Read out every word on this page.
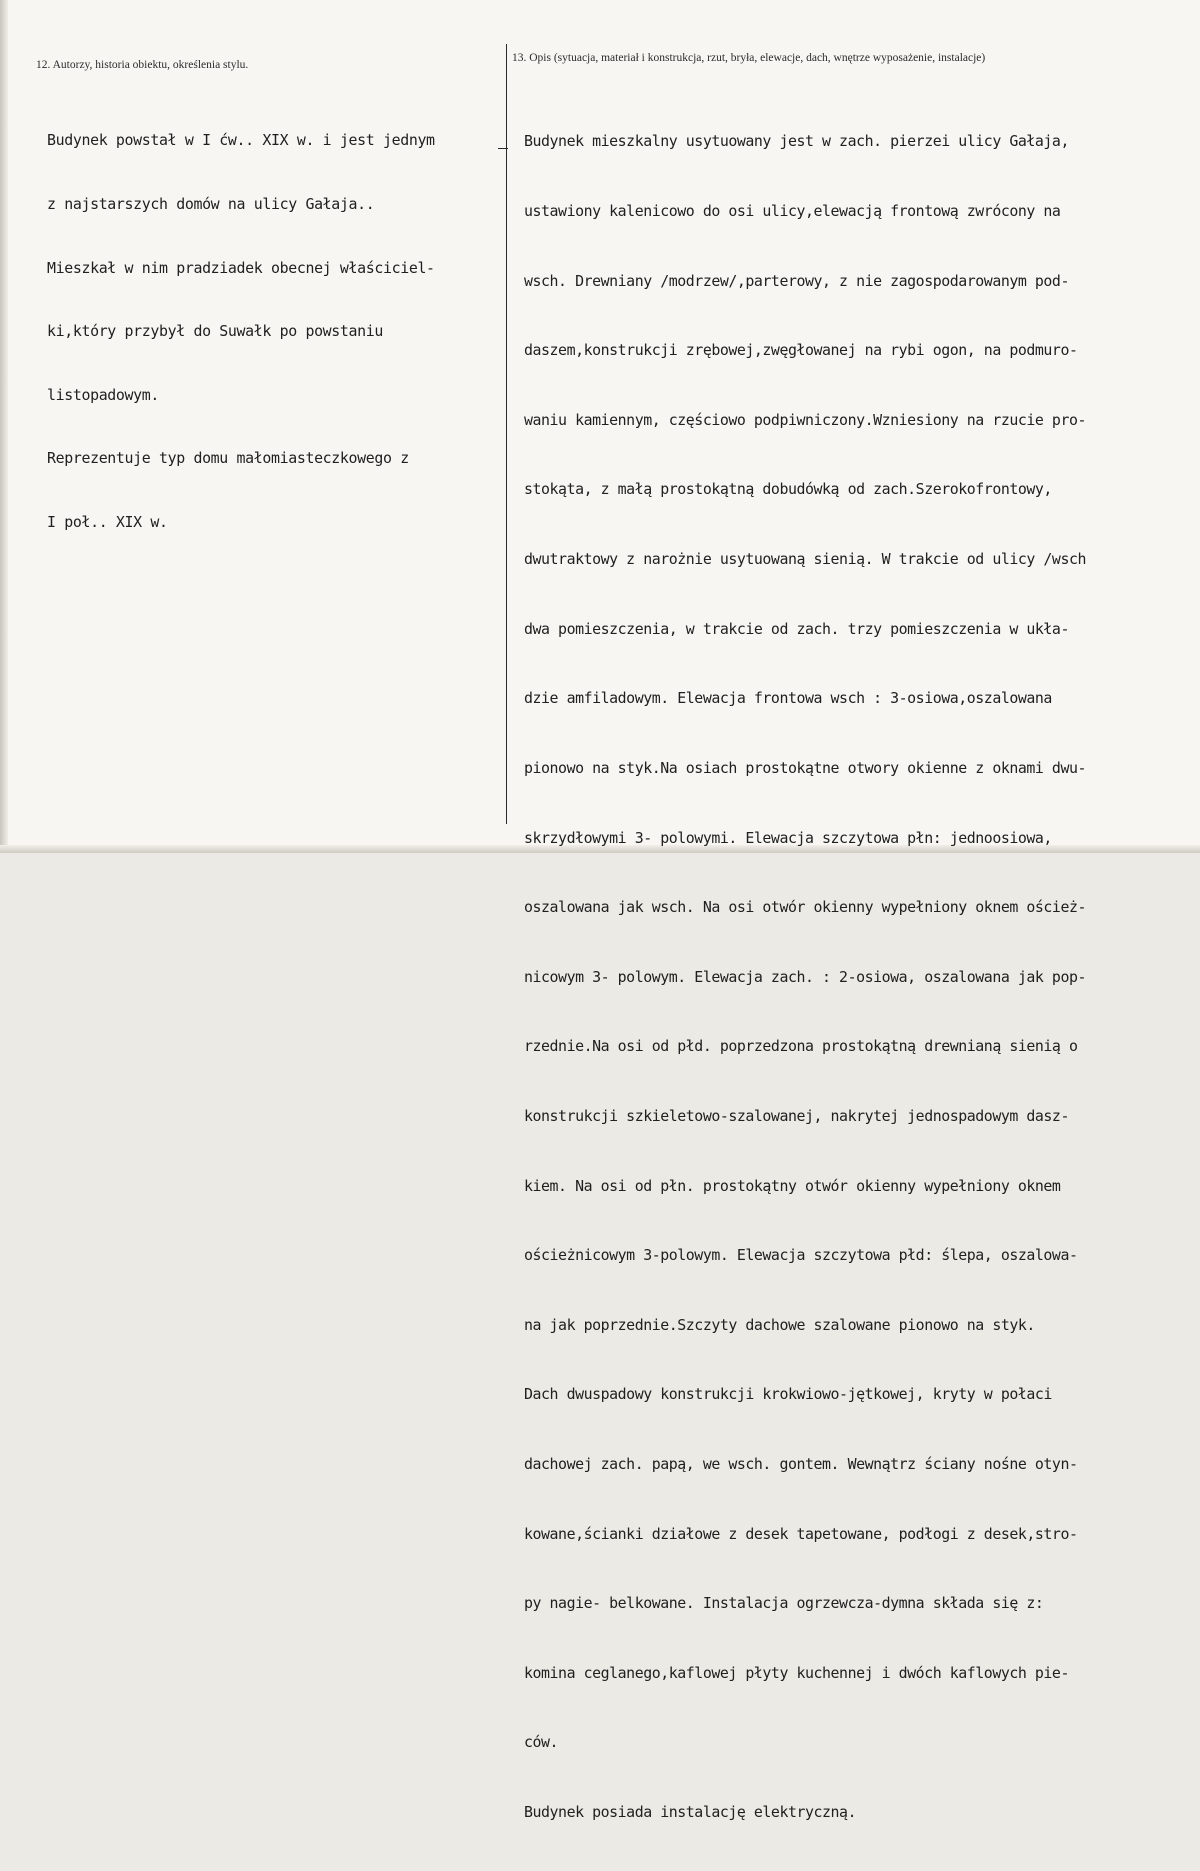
12. Autorzy, historia obiektu, określenia stylu.
13. Opis (sytuacja, materiał i konstrukcja, rzut, bryła, elewacje, dach, wnętrze wyposażenie, instalacje)

Budynek powstał w I ćw.. XIX w. i jest jednym

z najstarszych domów na ulicy Gałaja..

Mieszkał w nim pradziadek obecnej właściciel-

ki,który przybył do Suwałk po powstaniu

listopadowym.

Reprezentuje typ domu małomiasteczkowego z

I poł.. XIX w.

Budynek mieszkalny usytuowany jest w zach. pierzei ulicy Gałaja,

ustawiony kalenicowo do osi ulicy,elewacją frontową zwrócony na

wsch. Drewniany /modrzew/,parterowy, z nie zagospodarowanym pod-

daszem,konstrukcji zrębowej,zwęgłowanej na rybi ogon, na podmuro-

waniu kamiennym, częściowo podpiwniczony.Wzniesiony na rzucie pro-

stokąta, z małą prostokątną dobudówką od zach.Szerokofrontowy,

dwutraktowy z narożnie usytuowaną sienią. W trakcie od ulicy /wsch

dwa pomieszczenia, w trakcie od zach. trzy pomieszczenia w ukła-

dzie amfiladowym. Elewacja frontowa wsch : 3-osiowa,oszalowana

pionowo na styk.Na osiach prostokątne otwory okienne z oknami dwu-

skrzydłowymi 3- polowymi. Elewacja szczytowa płn: jednoosiowa,

oszalowana jak wsch. Na osi otwór okienny wypełniony oknem oścież-

nicowym 3- polowym. Elewacja zach. : 2-osiowa, oszalowana jak pop-

rzednie.Na osi od płd. poprzedzona prostokątną drewnianą sienią o

konstrukcji szkieletowo-szalowanej, nakrytej jednospadowym dasz-

kiem. Na osi od płn. prostokątny otwór okienny wypełniony oknem

ościeżnicowym 3-polowym. Elewacja szczytowa płd: ślepa, oszalowa-

na jak poprzednie.Szczyty dachowe szalowane pionowo na styk.

Dach dwuspadowy konstrukcji krokwiowo-jętkowej, kryty w połaci

dachowej zach. papą, we wsch. gontem. Wewnątrz ściany nośne otyn-

kowane,ścianki działowe z desek tapetowane, podłogi z desek,stro-

py nagie- belkowane. Instalacja ogrzewcza-dymna składa się z:

komina ceglanego,kaflowej płyty kuchennej i dwóch kaflowych pie-

ców.

Budynek posiada instalację elektryczną.
